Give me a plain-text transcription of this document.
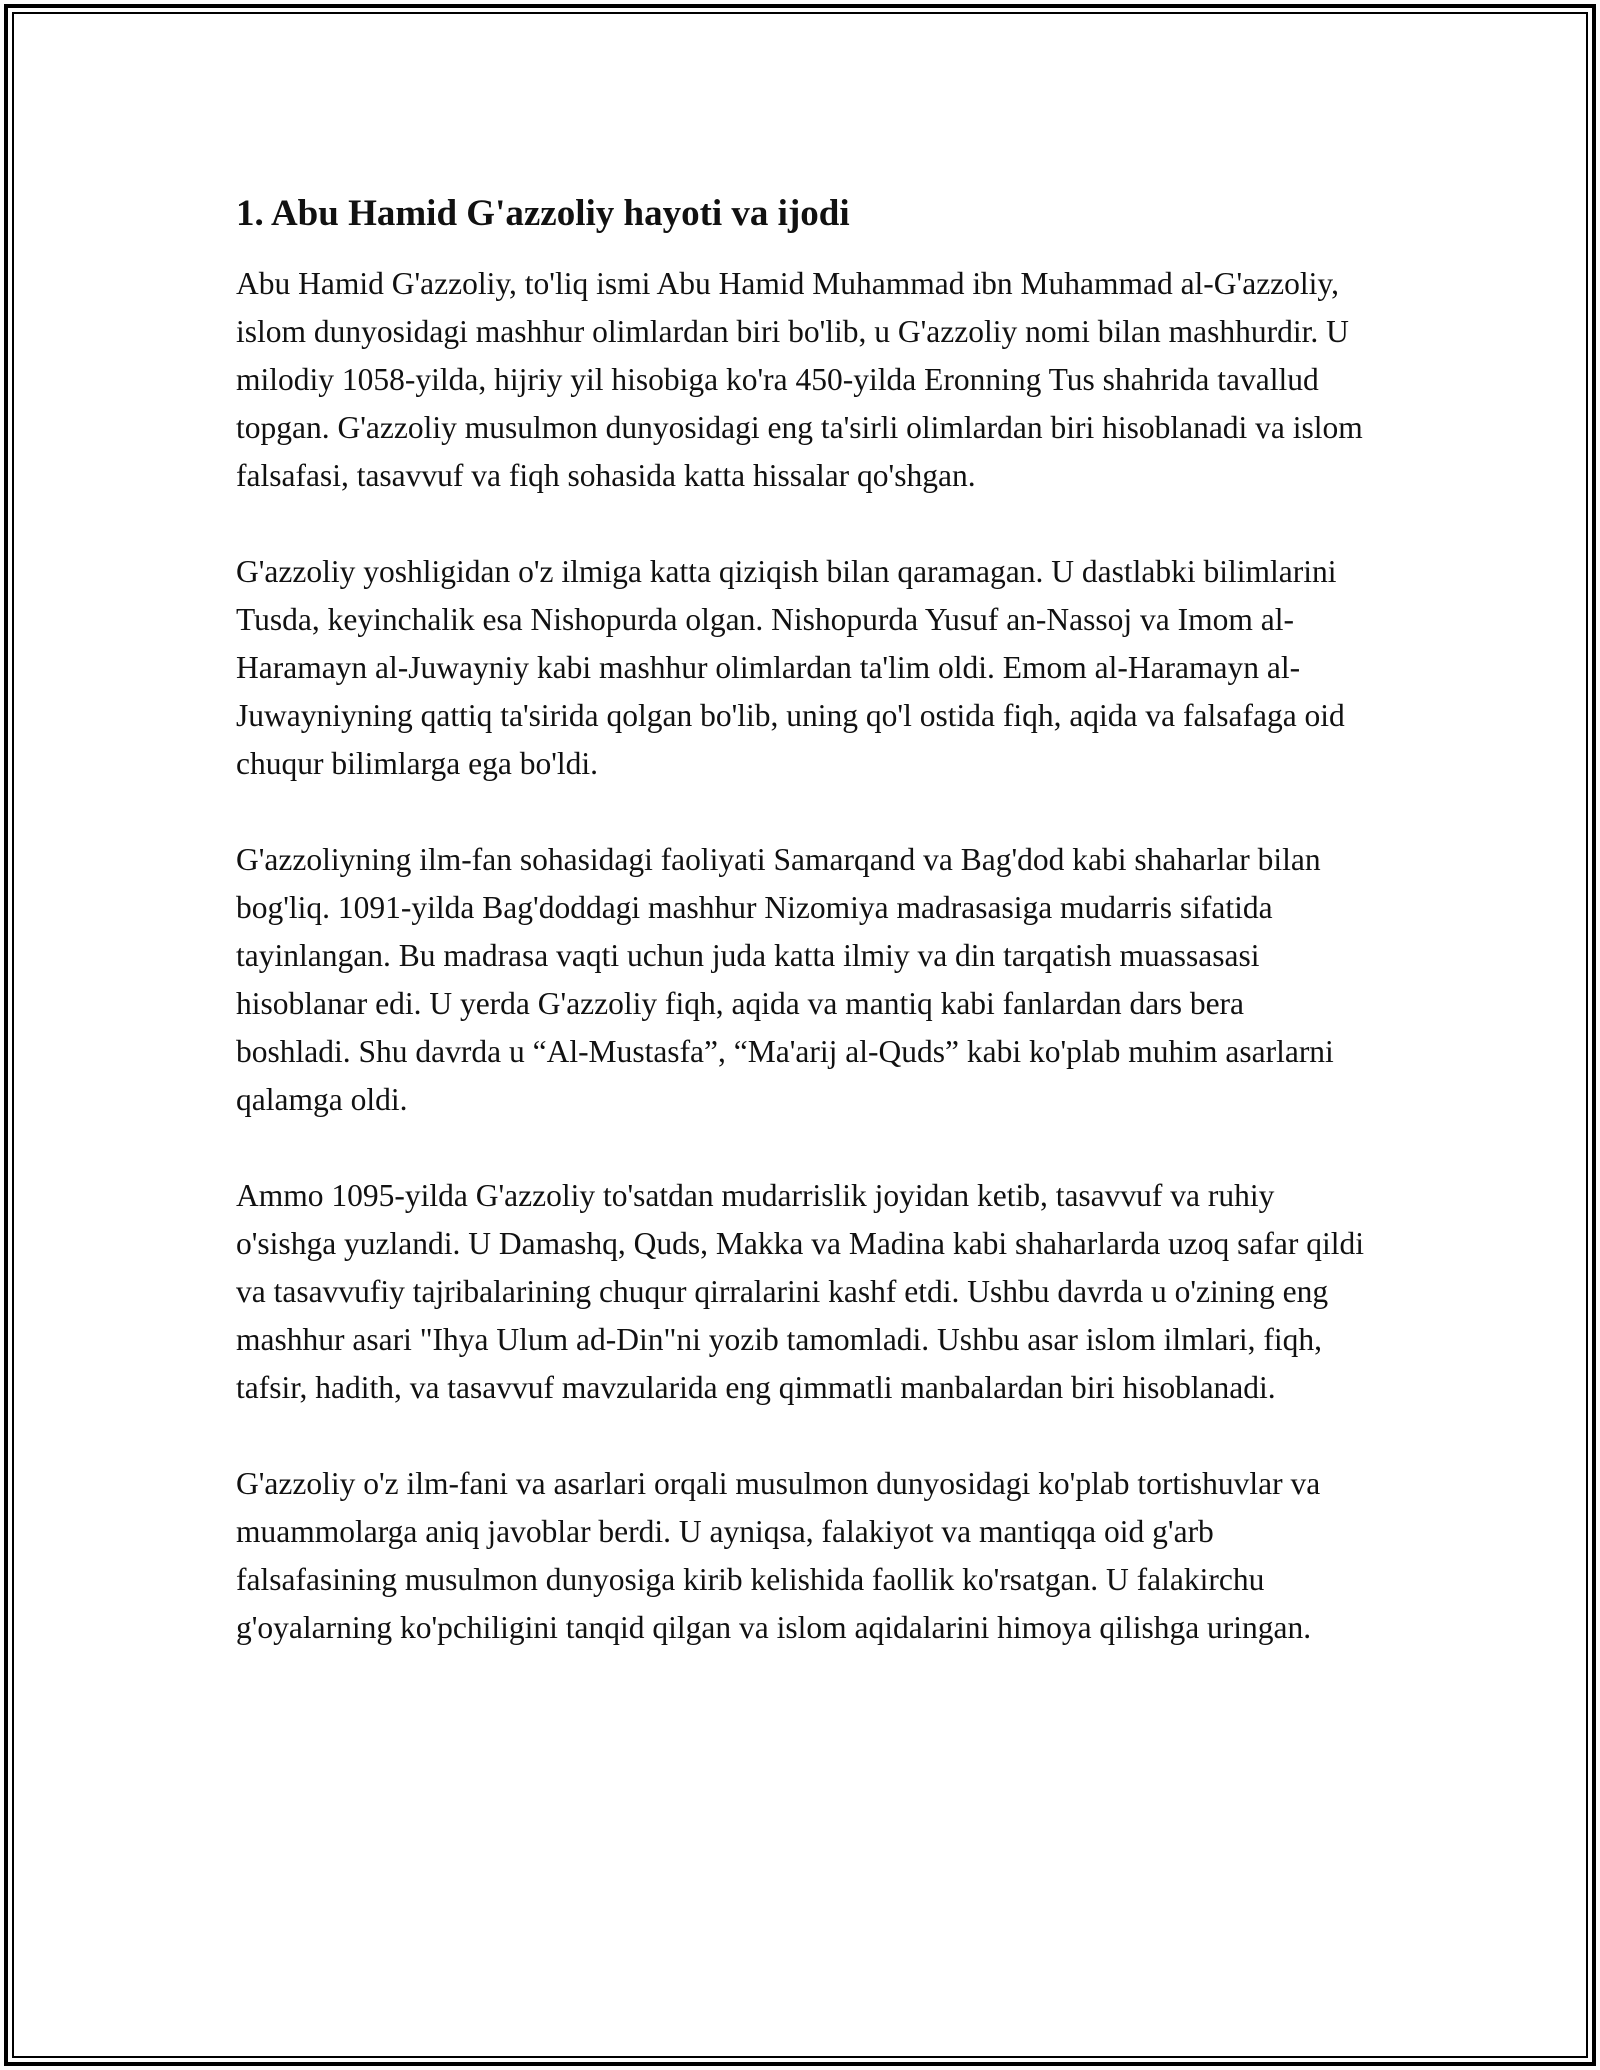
1. Abu Hamid G'azzoliy hayoti va ijodi

Abu Hamid G'azzoliy, to'liq ismi Abu Hamid Muhammad ibn Muhammad al-G'azzoliy, islom dunyosidagi mashhur olimlardan biri bo'lib, u G'azzoliy nomi bilan mashhurdir. U milodiy 1058-yilda, hijriy yil hisobiga ko'ra 450-yilda Eronning Tus shahrida tavallud topgan. G'azzoliy musulmon dunyosidagi eng ta'sirli olimlardan biri hisoblanadi va islom falsafasi, tasavvuf va fiqh sohasida katta hissalar qo'shgan.

G'azzoliy yoshligidan o'z ilmiga katta qiziqish bilan qaramagan. U dastlabki bilimlarini Tusda, keyinchalik esa Nishopurda olgan. Nishopurda Yusuf an-Nassoj va Imom al-Haramayn al-Juwayniy kabi mashhur olimlardan ta'lim oldi. Emom al-Haramayn al-Juwayniyning qattiq ta'sirida qolgan bo'lib, uning qo'l ostida fiqh, aqida va falsafaga oid chuqur bilimlarga ega bo'ldi.

G'azzoliyning ilm-fan sohasidagi faoliyati Samarqand va Bag'dod kabi shaharlar bilan bog'liq. 1091-yilda Bag'doddagi mashhur Nizomiya madrasasiga mudarris sifatida tayinlangan. Bu madrasa vaqti uchun juda katta ilmiy va din tarqatish muassasasi hisoblanar edi. U yerda G'azzoliy fiqh, aqida va mantiq kabi fanlardan dars bera boshladi. Shu davrda u “Al-Mustasfa”, “Ma'arij al-Quds” kabi ko'plab muhim asarlarni qalamga oldi.

Ammo 1095-yilda G'azzoliy to'satdan mudarrislik joyidan ketib, tasavvuf va ruhiy o'sishga yuzlandi. U Damashq, Quds, Makka va Madina kabi shaharlarda uzoq safar qildi va tasavvufiy tajribalarining chuqur qirralarini kashf etdi. Ushbu davrda u o'zining eng mashhur asari "Ihya Ulum ad-Din"ni yozib tamomladi. Ushbu asar islom ilmlari, fiqh, tafsir, hadith, va tasavvuf mavzularida eng qimmatli manbalardan biri hisoblanadi.

G'azzoliy o'z ilm-fani va asarlari orqali musulmon dunyosidagi ko'plab tortishuvlar va muammolarga aniq javoblar berdi. U ayniqsa, falakiyot va mantiqqa oid g'arb falsafasining musulmon dunyosiga kirib kelishida faollik ko'rsatgan. U falakirchu g'oyalarning ko'pchiligini tanqid qilgan va islom aqidalarini himoya qilishga uringan.
